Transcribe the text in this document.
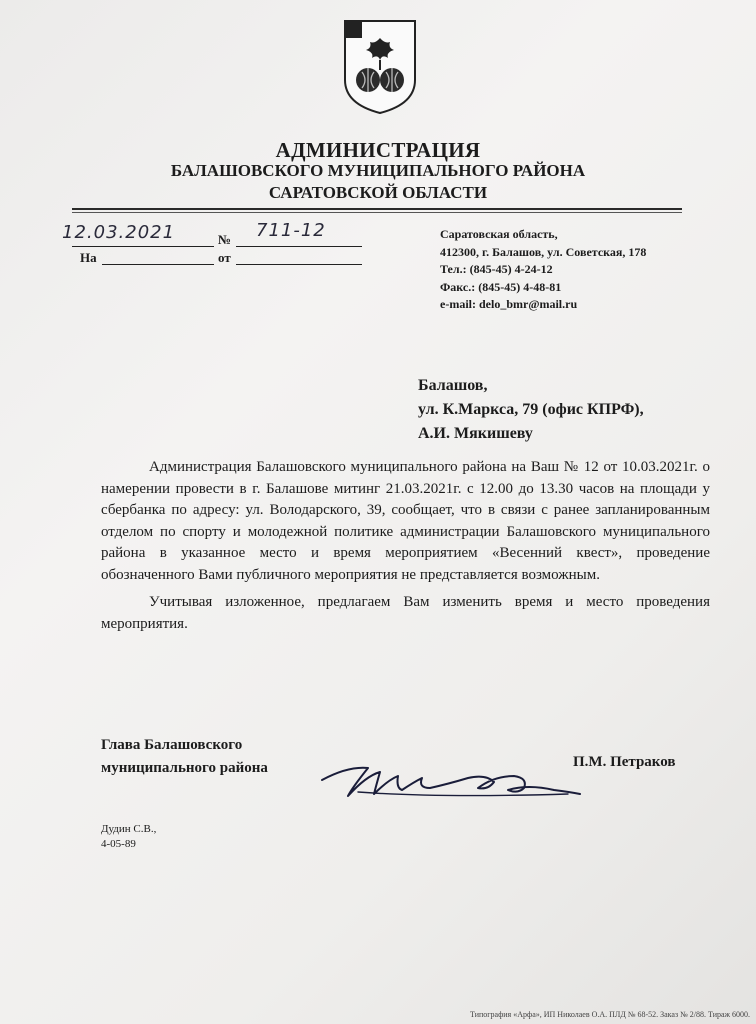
АДМИНИСТРАЦИЯ
БАЛАШОВСКОГО МУНИЦИПАЛЬНОГО РАЙОНА
САРАТОВСКОЙ ОБЛАСТИ
12.03.2021	№ 711-12
На	от
Саратовская область,
412300, г. Балашов, ул. Советская, 178
Тел.: (845-45) 4-24-12
Факс.: (845-45) 4-48-81
e-mail: delo_bmr@mail.ru
Балашов,
ул. К.Маркса, 79 (офис КПРФ),
А.И. Мякишеву

Администрация Балашовского муниципального района на Ваш № 12 от 10.03.2021г. о намерении провести в г. Балашове митинг 21.03.2021г. с 12.00 до 13.30 часов на площади у сбербанка по адресу: ул. Володарского, 39, сообщает, что в связи с ранее запланированным отделом по спорту и молодежной политике администрации Балашовского муниципального района в указанное место и время мероприятием «Весенний квест», проведение обозначенного Вами публичного мероприятия не представляется возможным.

Учитывая изложенное, предлагаем Вам изменить время и место проведения мероприятия.

Глава Балашовского
муниципального района	П.М. Петраков
Дудин С.В.,
4-05-89
Типография «Арфа», ИП Николаев О.А. ПЛД № 68-52. Заказ № 2/88. Тираж 6000.
